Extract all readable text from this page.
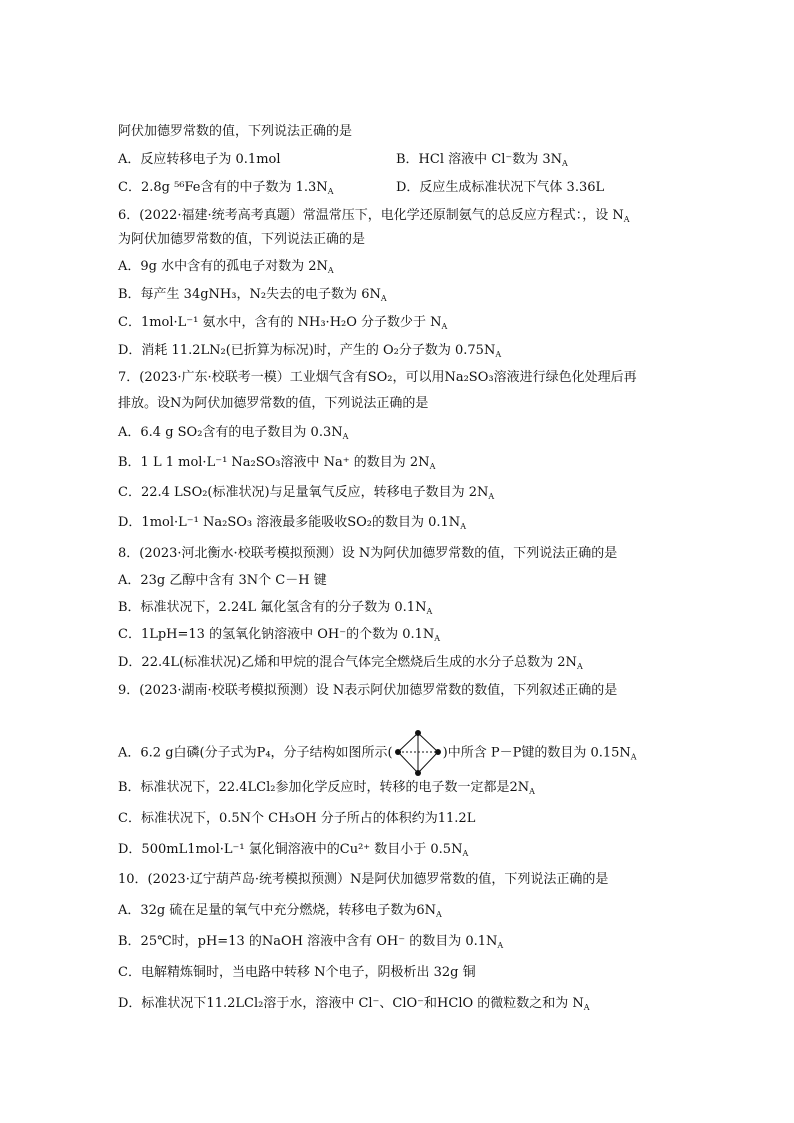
阿伏加德罗常数的值，下列说法正确的是
A．反应转移电子为 0.1mol	B．HCl 溶液中 Cl⁻数为 $3N_A$
C．2.8g ⁵⁶Fe含有的中子数为 $1.3N_A$	D．反应生成标准状况下气体 3.36L
6．(2022·福建·统考高考真题）常温常压下，电化学还原制氨气的总反应方程式：，设 $N_A$
为阿伏加德罗常数的值，下列说法正确的是
A．9g 水中含有的孤电子对数为 $2N_A$
B．每产生 34gNH₃，N₂失去的电子数为 $6N_A$
C．1mol·L⁻¹ 氨水中，含有的 NH₃·H₂O 分子数少于 $N_A$
D．消耗 11.2LN₂(已折算为标况)时，产生的 O₂分子数为 $0.75N_A$
7．(2023·广东·校联考一模）工业烟气含有SO₂，可以用Na₂SO₃溶液进行绿色化处理后再
排放。设N为阿伏加德罗常数的值，下列说法正确的是
A．6.4 g SO₂含有的电子数目为 $0.3N_A$
B．1 L 1 mol·L⁻¹ Na₂SO₃溶液中 Na⁺ 的数目为 $2N_A$
C．22.4 LSO₂(标准状况)与足量氧气反应，转移电子数目为 $2N_A$
D．1mol·L⁻¹ Na₂SO₃ 溶液最多能吸收SO₂的数目为 $0.1N_A$
8．(2023·河北衡水·校联考模拟预测）设 N为阿伏加德罗常数的值，下列说法正确的是
A．23g 乙醇中含有 3N个 C－H 键
B．标准状况下，2.24L 氟化氢含有的分子数为 $0.1N_A$
C．1LpH=13 的氢氧化钠溶液中 OH⁻的个数为 $0.1N_A$
D．22.4L(标准状况)乙烯和甲烷的混合气体完全燃烧后生成的水分子总数为 $2N_A$
9．(2023·湖南·校联考模拟预测）设 N表示阿伏加德罗常数的数值，下列叙述正确的是
A．6.2 g白磷(分子式为P₄，分子结构如图所示(	)中所含 P－P键的数目为 $0.15N_A$
B．标准状况下，22.4LCl₂参加化学反应时，转移的电子数一定都是$2N_A$
C．标准状况下，0.5N个 CH₃OH 分子所占的体积约为11.2L
D．500mL1mol·L⁻¹ 氯化铜溶液中的Cu²⁺ 数目小于 $0.5N_A$
10．(2023·辽宁葫芦岛·统考模拟预测）N是阿伏加德罗常数的值，下列说法正确的是
A．32g 硫在足量的氧气中充分燃烧，转移电子数为$6N_A$
B．25℃时，pH=13 的NaOH 溶液中含有 OH⁻ 的数目为 $0.1N_A$
C．电解精炼铜时，当电路中转移 N个电子，阴极析出 32g 铜
D．标准状况下11.2LCl₂溶于水，溶液中 Cl⁻、ClO⁻和HClO 的微粒数之和为 $N_A$
